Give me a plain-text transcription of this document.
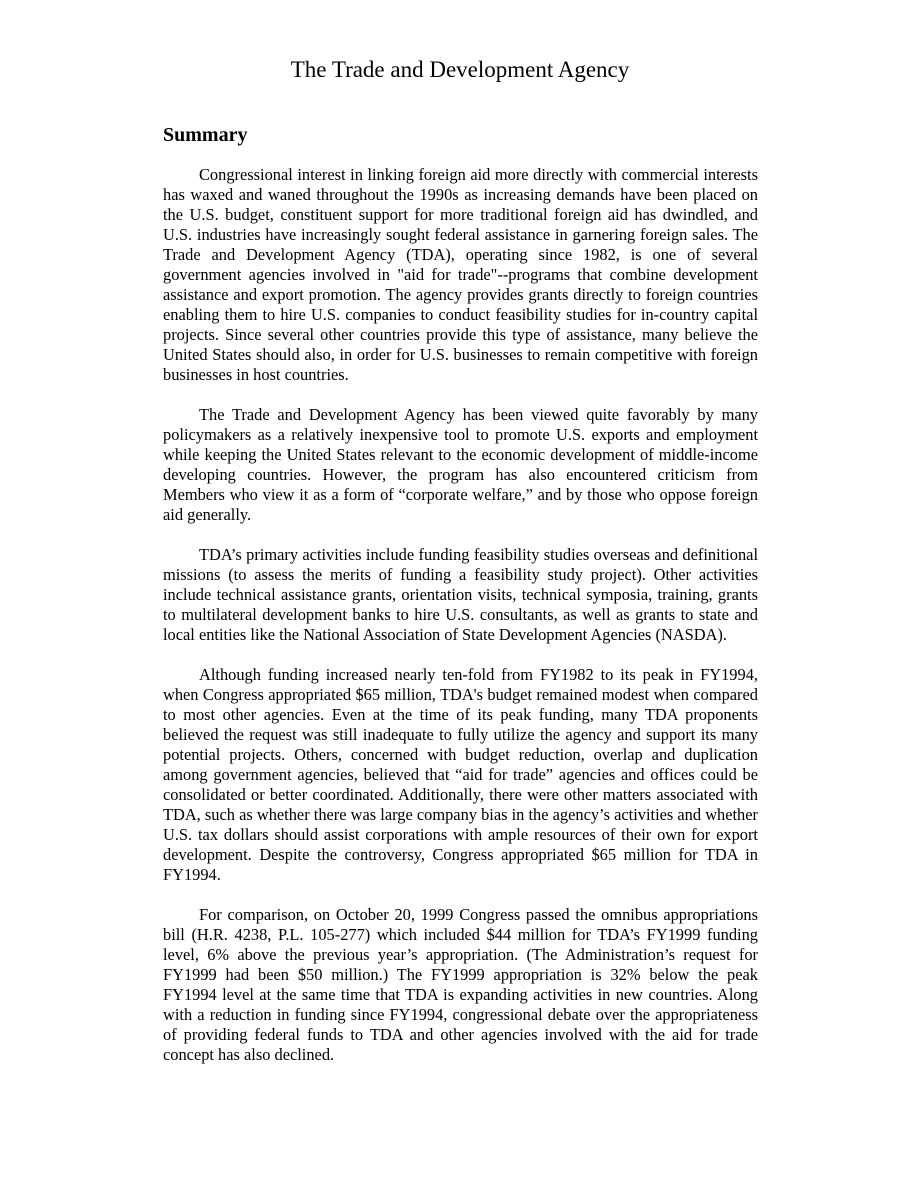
The Trade and Development Agency
Summary

Congressional interest in linking foreign aid more directly with commercial interests has waxed and waned throughout the 1990s as increasing demands have been placed on the U.S. budget, constituent support for more traditional foreign aid has dwindled, and U.S. industries have increasingly sought federal assistance in garnering foreign sales. The Trade and Development Agency (TDA), operating since 1982, is one of several government agencies involved in "aid for trade"--programs that combine development assistance and export promotion. The agency provides grants directly to foreign countries enabling them to hire U.S. companies to conduct feasibility studies for in-country capital projects. Since several other countries provide this type of assistance, many believe the United States should also, in order for U.S. businesses to remain competitive with foreign businesses in host countries.

The Trade and Development Agency has been viewed quite favorably by many policymakers as a relatively inexpensive tool to promote U.S. exports and employment while keeping the United States relevant to the economic development of middle-income developing countries. However, the program has also encountered criticism from Members who view it as a form of “corporate welfare,” and by those who oppose foreign aid generally.

TDA’s primary activities include funding feasibility studies overseas and definitional missions (to assess the merits of funding a feasibility study project). Other activities include technical assistance grants, orientation visits, technical symposia, training, grants to multilateral development banks to hire U.S. consultants, as well as grants to state and local entities like the National Association of State Development Agencies (NASDA).

Although funding increased nearly ten-fold from FY1982 to its peak in FY1994, when Congress appropriated $65 million, TDA's budget remained modest when compared to most other agencies. Even at the time of its peak funding, many TDA proponents believed the request was still inadequate to fully utilize the agency and support its many potential projects. Others, concerned with budget reduction, overlap and duplication among government agencies, believed that “aid for trade” agencies and offices could be consolidated or better coordinated. Additionally, there were other matters associated with TDA, such as whether there was large company bias in the agency’s activities and whether U.S. tax dollars should assist corporations with ample resources of their own for export development. Despite the controversy, Congress appropriated $65 million for TDA in FY1994.

For comparison, on October 20, 1999 Congress passed the omnibus appropriations bill (H.R. 4238, P.L. 105-277) which included $44 million for TDA’s FY1999 funding level, 6% above the previous year’s appropriation. (The Administration’s request for FY1999 had been $50 million.) The FY1999 appropriation is 32% below the peak FY1994 level at the same time that TDA is expanding activities in new countries. Along with a reduction in funding since FY1994, congressional debate over the appropriateness of providing federal funds to TDA and other agencies involved with the aid for trade concept has also declined.
